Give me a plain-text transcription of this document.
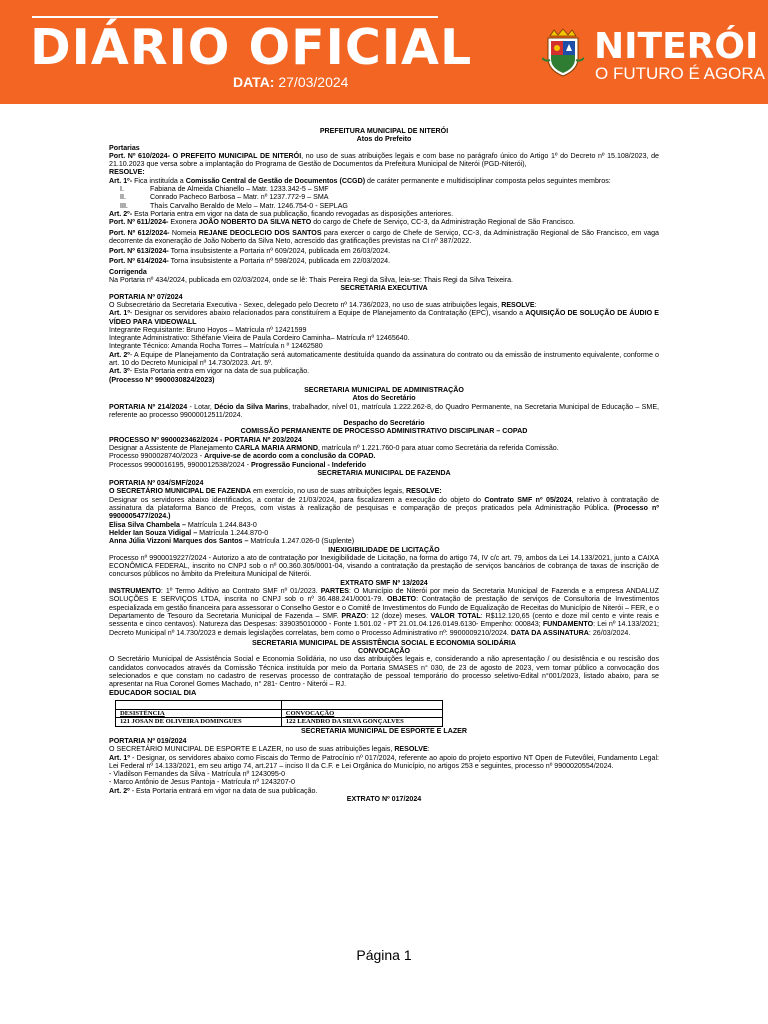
DIÁRIO OFICIAL
DATA: 27/03/2024
NITERÓI
O FUTURO É AGORA

PREFEITURA MUNICIPAL DE NITERÓI

Atos do Prefeito

Portarias

Port. Nº 610/2024- O PREFEITO MUNICIPAL DE NITERÓI, no uso de suas atribuições legais e com base no parágrafo único do Artigo 1º do Decreto nº 15.108/2023, de 21.10.2023 que versa sobre a implantação do Programa de Gestão de Documentos da Prefeitura Municipal de Niterói (PGD-Niterói),

RESOLVE:

Art. 1º- Fica instituída a Comissão Central de Gestão de Documentos (CCGD) de caráter permanente e multidisciplinar composta pelos seguintes membros:

I.	Fabiana de Almeida Chianello – Matr. 1233.342-5 – SMF

II.	Conrado Pacheco Barbosa – Matr. nº 1237.772-9 – SMA

III.	Thaís Carvalho Beraldo de Melo – Matr. 1246.754-0 - SEPLAG

Art. 2º- Esta Portaria entra em vigor na data de sua publicação, ficando revogadas as disposições anteriores.

Port. Nº 611/2024- Exonera JOÃO NOBERTO DA SILVA NETO do cargo de Chefe de Serviço, CC-3, da Administração Regional de São Francisco.

Port. Nº 612/2024- Nomeia REJANE DEOCLECIO DOS SANTOS para exercer o cargo de Chefe de Serviço, CC-3, da Administração Regional de São Francisco, em vaga decorrente da exoneração de João Noberto da Silva Neto, acrescido das gratificações previstas na CI nº 387/2022.

Port. Nº 613/2024- Torna insubsistente a Portaria nº 609/2024, publicada em 26/03/2024.

Port. Nº 614/2024- Torna insubsistente a Portaria nº 598/2024, publicada em 22/03/2024.

Corrigenda

Na Portaria nº 434/2024, publicada em 02/03/2024, onde se lê: Thais Pereira Regi da Silva, leia-se: Thais Regi da Silva Teixeira.

SECRETARIA EXECUTIVA

PORTARIA Nº 07/2024

O Subsecretário da Secretaria Executiva - Sexec, delegado pelo Decreto nº 14.736/2023, no uso de suas atribuições legais, RESOLVE:

Art. 1º- Designar os servidores abaixo relacionados para constituírem a Equipe de Planejamento da Contratação (EPC), visando a AQUISIÇÃO DE SOLUÇÃO DE ÁUDIO E VÍDEO PARA VIDEOWALL

Integrante Requisitante: Bruno Hoyos – Matrícula nº 12421599

Integrante Administrativo: Sthéfanie Vieira de Paula Cordeiro Caminha– Matrícula nº 12465640.

Integrante Técnico: Amanda Rocha Torres – Matrícula n º 12462580

Art. 2º- A Equipe de Planejamento da Contratação será automaticamente destituída quando da assinatura do contrato ou da emissão de instrumento equivalente, conforme o art. 10 do Decreto Municipal nº 14.730/2023. Art. 5º.

Art. 3º- Esta Portaria entra em vigor na data de sua publicação.

(Processo Nº 9900030824/2023)

SECRETARIA MUNICIPAL DE ADMINISTRAÇÃO

Atos do Secretário

PORTARIA Nº 214/2024 - Lotar, Décio da Silva Marins, trabalhador, nível 01, matrícula 1.222.262-8, do Quadro Permanente, na Secretaria Municipal de Educação – SME, referente ao processo 99000012511/2024.

Despacho do Secretário

COMISSÃO PERMANENTE DE PROCESSO ADMINISTRATIVO DISCIPLINAR – COPAD

PROCESSO Nº 9900023462/2024 - PORTARIA Nº 203/2024

Designar a Assistente de Planejamento CARLA MARIA ARMOND, matrícula nº 1.221.760-0 para atuar como Secretária da referida Comissão.

Processo 9900028740/2023 - Arquive-se de acordo com a conclusão da COPAD.

Processos 9900016195, 9900012538/2024 - Progressão Funcional - Indeferido

SECRETARIA MUNICIPAL DE FAZENDA

PORTARIA Nº 034/SMF/2024

O SECRETÁRIO MUNICIPAL DE FAZENDA em exercício, no uso de suas atribuições legais, RESOLVE:

Designar os servidores abaixo identificados, a contar de 21/03/2024, para fiscalizarem a execução do objeto do Contrato SMF nº 05/2024, relativo à contratação de assinatura da plataforma Banco de Preços, com vistas à realização de pesquisas e comparação de preços praticados pela Administração Pública. (Processo nº 9900005477/2024.)

Elisa Silva Chambela – Matrícula 1.244.843-0

Helder Ian Souza Vidigal – Matrícula 1.244.870-0

Anna Júlia Vizzoni Marques dos Santos – Matrícula 1.247.026-0 (Suplente)

INEXIGIBILIDADE DE LICITAÇÃO

Processo nº 9900019227/2024 - Autorizo a ato de contratação por Inexigibilidade de Licitação, na forma do artigo 74, IV c/c art. 79, ambos da Lei 14.133/2021, junto a CAIXA ECONÔMICA FEDERAL, inscrito no CNPJ sob o nº 00.360.305/0001-04, visando a contratação da prestação de serviços bancários de cobrança de taxas de inscrição de concursos públicos no âmbito da Prefeitura Municipal de Niterói.

EXTRATO SMF Nº 13/2024

INSTRUMENTO: 1º Termo Aditivo ao Contrato SMF nº 01/2023. PARTES: O Município de Niterói por meio da Secretaria Municipal de Fazenda e a empresa ANDALUZ SOLUÇÕES E SERVIÇOS LTDA, inscrita no CNPJ sob o nº 36.488.241/0001-79. OBJETO: Contratação de prestação de serviços de Consultoria de Investimentos especializada em gestão financeira para assessorar o Conselho Gestor e o Comitê de Investimentos do Fundo de Equalização de Receitas do Município de Niterói – FER, e o Departamento de Tesouro da Secretaria Municipal de Fazenda – SMF. PRAZO: 12 (doze) meses. VALOR TOTAL: R$112.120,65 (cento e doze mil cento e vinte reais e sessenta e cinco centavos). Natureza das Despesas: 339035010000 - Fonte 1.501.02 - PT 21.01.04.126.0149.6130- Empenho: 000843; FUNDAMENTO: Lei nº 14.133/2021; Decreto Municipal nº 14.730/2023 e demais legislações correlatas, bem como o Processo Administrativo nº: 9900009210/2024. DATA DA ASSINATURA: 26/03/2024.

SECRETARIA MUNICIPAL DE ASSISTÊNCIA SOCIAL E ECONOMIA SOLIDÁRIA

CONVOCAÇÃO

O Secretário Municipal de Assistência Social e Economia Solidária, no uso das atribuições legais e, considerando a não apresentação / ou desistência e ou rescisão dos candidatos convocados através da Comissão Técnica instituída por meio da Portaria SMASES n° 030, de 23 de agosto de 2023, vem tornar público a convocação dos selecionados e que constam no cadastro de reservas processo de contratação de pessoal temporário do processo seletivo-Edital n°001/2023, listado abaixo, para se apresentar na Rua Coronel Gomes Machado, n° 281- Centro - Niterói – RJ.

EDUCADOR SOCIAL DIA

DESISTÊNCIA	CONVOCAÇÃO
121 JOSAN DE OLIVEIRA DOMINGUES	122 LEANDRO DA SILVA GONÇALVES

SECRETARIA MUNICIPAL DE ESPORTE E LAZER

PORTARIA Nº 019/2024

O SECRETÁRIO MUNICIPAL DE ESPORTE E LAZER, no uso de suas atribuições legais, RESOLVE:

Art. 1º - Designar, os servidores abaixo como Fiscais do Termo de Patrocínio nº 017/2024, referente ao apoio do projeto esportivo NT Open de Futevôlei, Fundamento Legal: Lei Federal nº 14.133/2021, em seu artigo 74, art.217 – inciso II da C.F. e Lei Orgânica do Município, no artigos 253 e seguintes, processo nº 9900020554/2024.

- Vladilson Fernandes da Silva - Matrícula nº 1243095-0

- Marco Antônio de Jesus Pantoja - Matrícula nº 1243207-0

Art. 2º - Esta Portaria entrará em vigor na data de sua publicação.

EXTRATO Nº 017/2024

Página 1
